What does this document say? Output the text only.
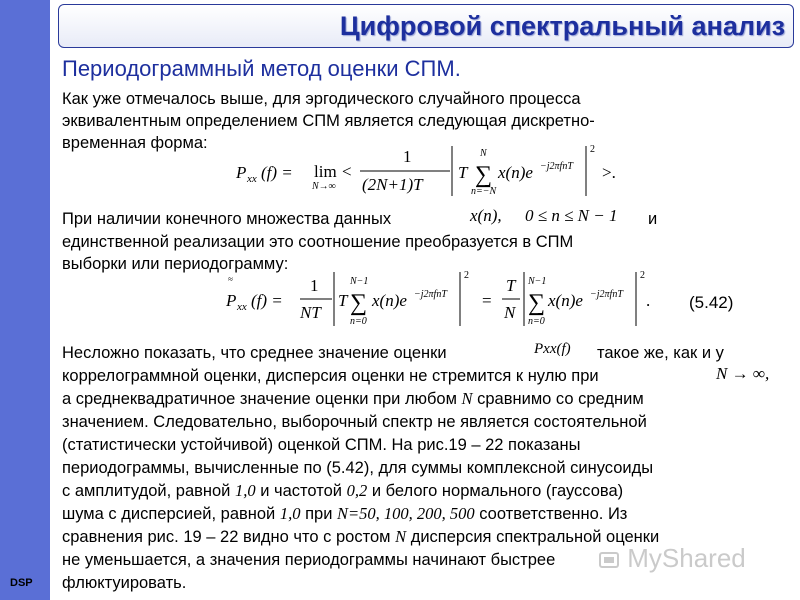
DSP
Цифровой спектральный анализ
Периодограммный метод оценки СПМ.
Как уже отмечалось выше, для эргодического случайного процесса
эквивалентным определением СПМ является следующая дискретно-
временная форма:
P xx (f) = lim
N→∞
<
1
(2N+1)T
T ∑
N
n=−N
x(n)e −j2πfnT
2
>.
При наличии конечного множества данных	x(n), 0 ≤ n ≤ N − 1 и
единственной реализации это соотношение преобразуется в СПМ
выборки или периодограмму:
≈
P xx (f) =
1
NT
T ∑
N−1
n=0
x(n)e −j2πfnT
2
=
T
N ∑
N−1
n=0
x(n)e −j2πfnT
2
. (5.42)
Несложно показать, что среднее значение оценки	Pxx(f) такое же, как и у
коррелограммной оценки, дисперсия оценки не стремится к нулю при	N → ∞,
а среднеквадратичное значение оценки при любом N сравнимо со средним
значением. Следовательно, выборочный спектр не является состоятельной
(статистически устойчивой) оценкой СПМ. На рис.19 – 22 показаны
периодограммы, вычисленные по (5.42), для суммы комплексной синусоиды
с амплитудой, равной 1,0 и частотой 0,2 и белого нормального (гауссова)
шума с дисперсией, равной 1,0 при N=50, 100, 200, 500 соответственно. Из
сравнения рис. 19 – 22 видно что с ростом N дисперсия спектральной оценки
не уменьшается, а значения периодограммы начинают быстрее
флюктуировать.
MyShared
